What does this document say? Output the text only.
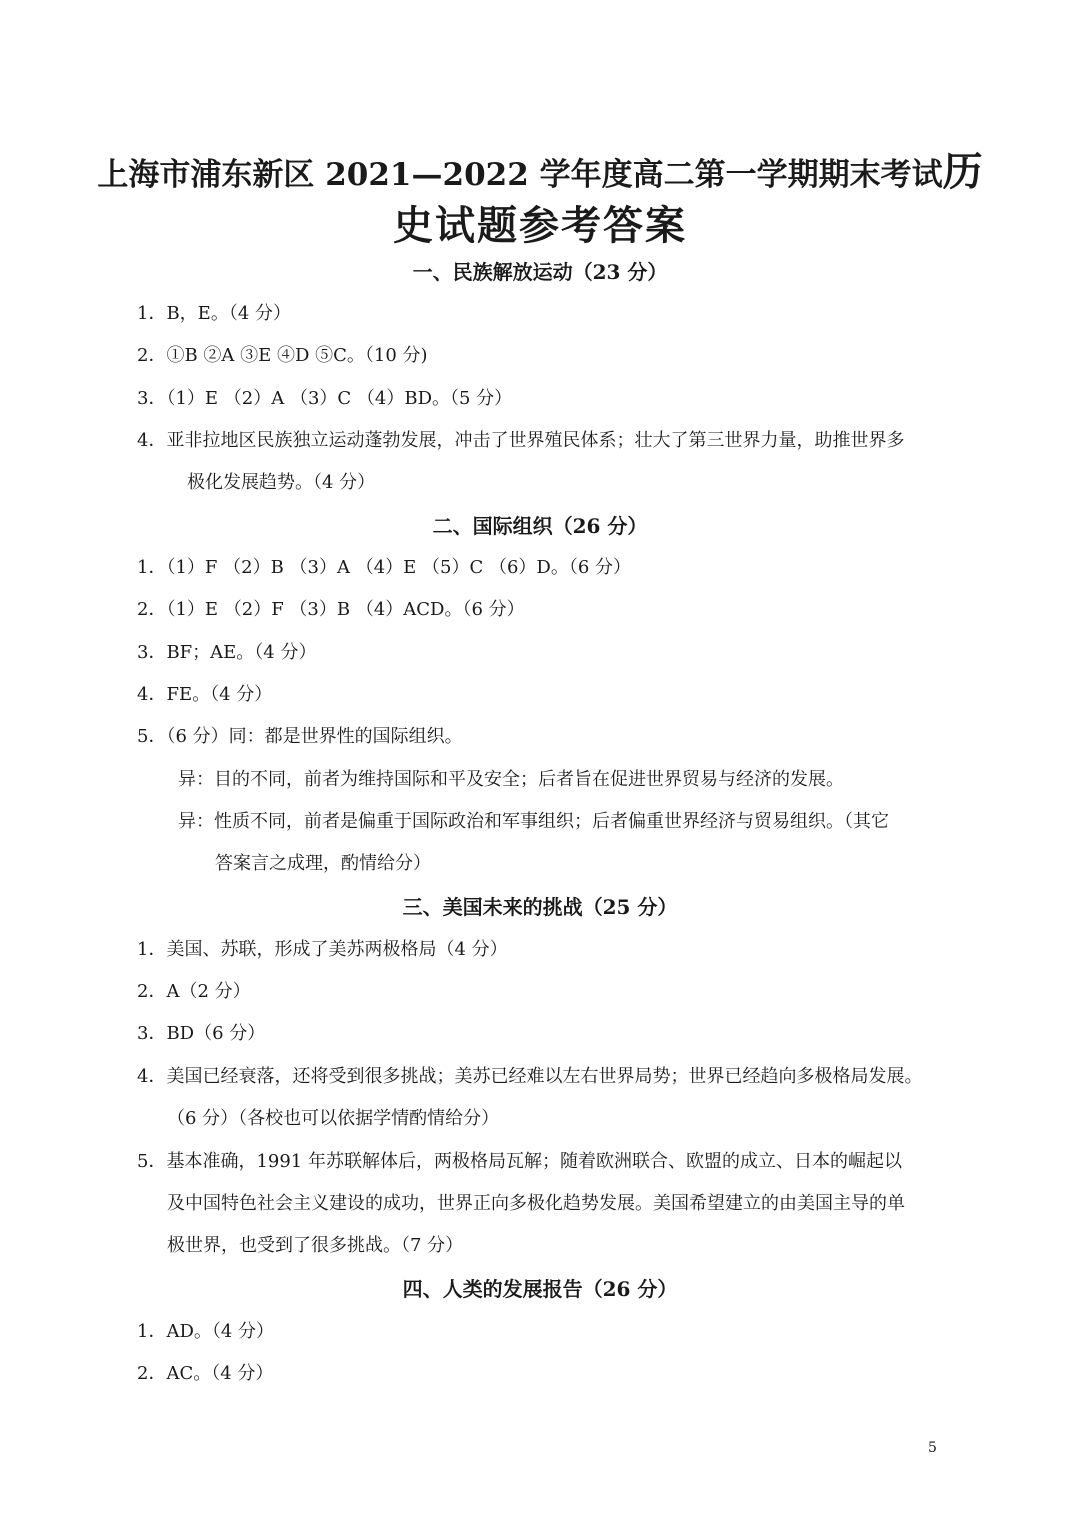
上海市浦东新区 2021—2022 学年度高二第一学期期末考试历
史试题参考答案
一、民族解放运动（23 分）
1．B，E。（4 分）
2．①B ②A ③E ④D ⑤C。（10 分)
3．（1）E （2）A （3）C （4）BD。（5 分）
4．亚非拉地区民族独立运动蓬勃发展，冲击了世界殖民体系；壮大了第三世界力量，助推世界多
极化发展趋势。（4 分）
二、国际组织（26 分）
1．（1）F （2）B （3）A （4）E （5）C （6）D。（6 分）
2．（1）E （2）F （3）B （4）ACD。（6 分）
3．BF；AE。（4 分）
4．FE。（4 分）
5．（6 分）同：都是世界性的国际组织。
异：目的不同，前者为维持国际和平及安全；后者旨在促进世界贸易与经济的发展。
异：性质不同，前者是偏重于国际政治和军事组织；后者偏重世界经济与贸易组织。（其它
答案言之成理，酌情给分）
三、美国未来的挑战（25 分）
1．美国、苏联，形成了美苏两极格局（4 分）
2．A（2 分）
3．BD（6 分）
4．美国已经衰落，还将受到很多挑战；美苏已经难以左右世界局势；世界已经趋向多极格局发展。
（6 分）（各校也可以依据学情酌情给分）
5．基本准确，1991 年苏联解体后，两极格局瓦解；随着欧洲联合、欧盟的成立、日本的崛起以
及中国特色社会主义建设的成功，世界正向多极化趋势发展。美国希望建立的由美国主导的单
极世界，也受到了很多挑战。（7 分）
四、人类的发展报告（26 分）
1．AD。（4 分）
2．AC。（4 分）
5
